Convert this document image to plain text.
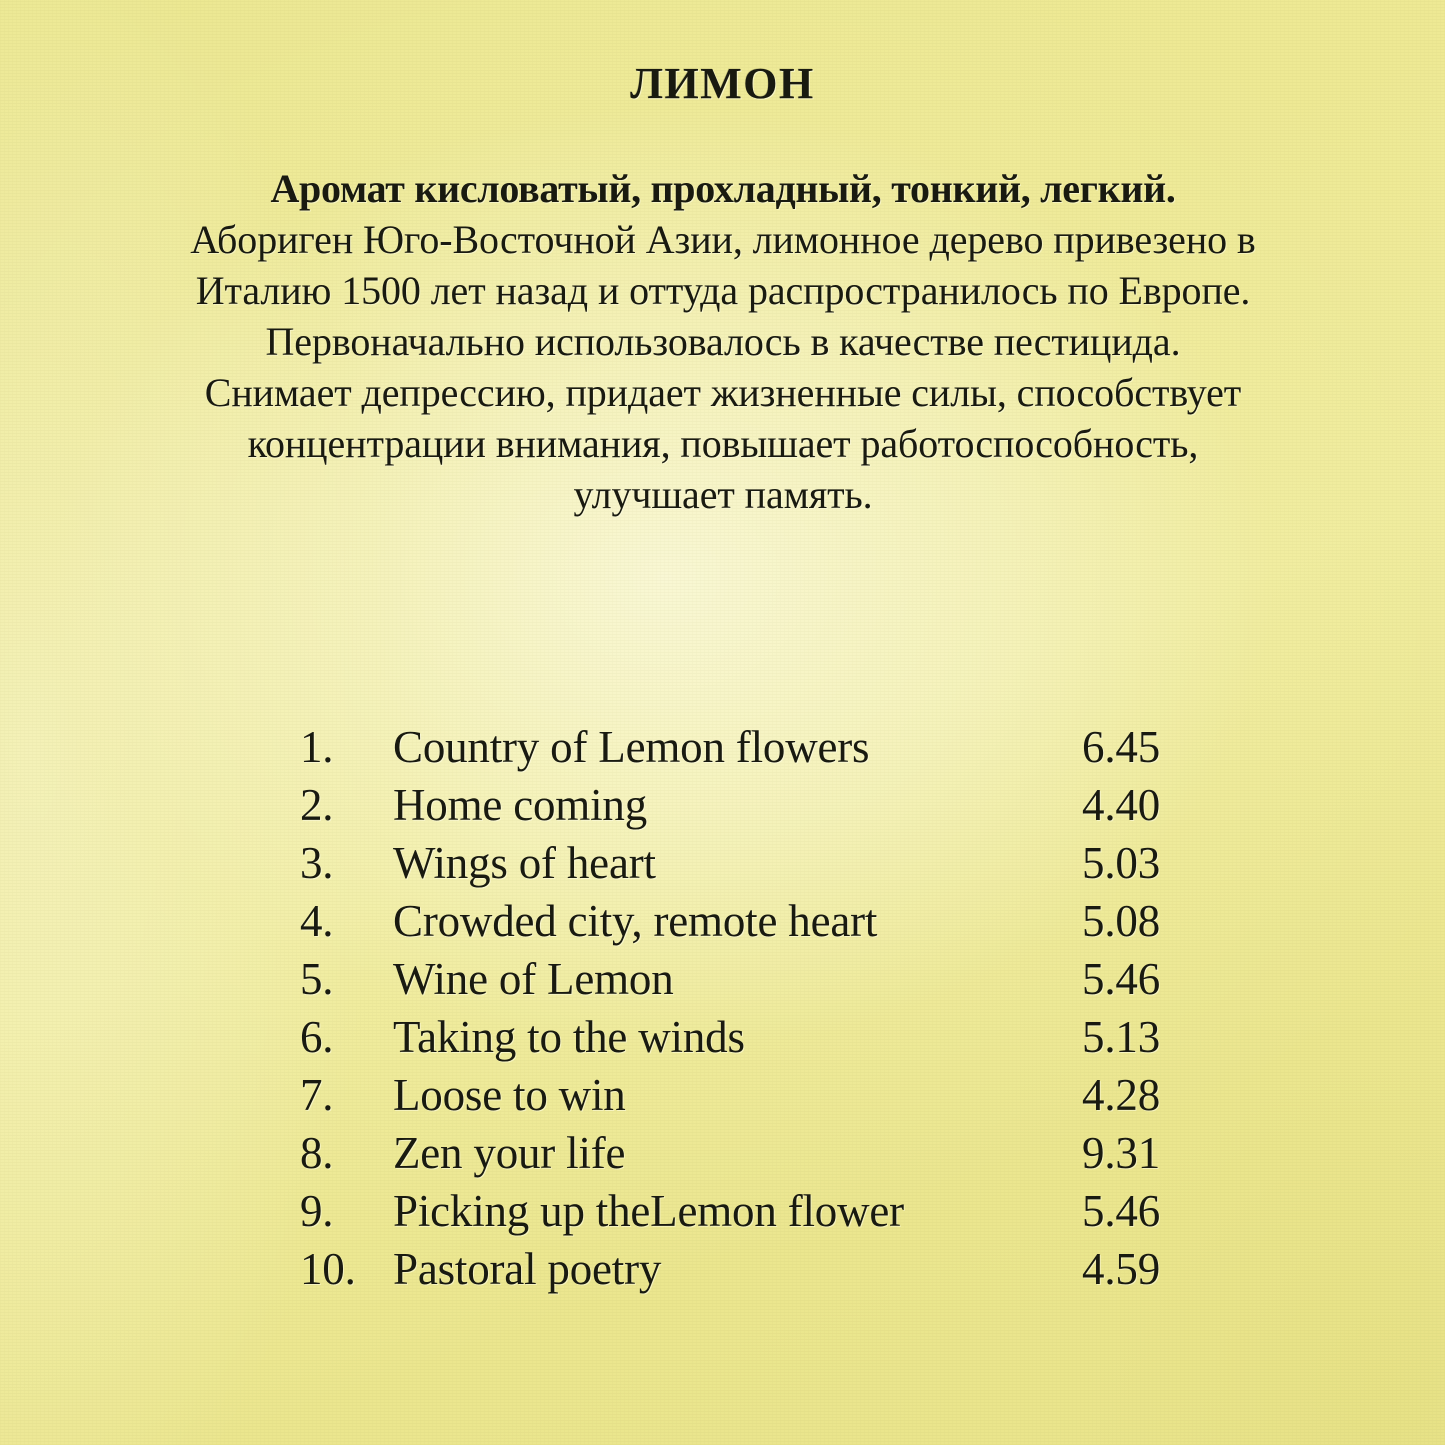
ЛИМОН
Аромат кисловатый, прохладный, тонкий, легкий.
Абориген Юго-Восточной Азии, лимонное дерево привезено в
Италию 1500 лет назад и оттуда распространилось по Европе.
Первоначально использовалось в качестве пестицида.
Снимает депрессию, придает жизненные силы, способствует
концентрации внимания, повышает работоспособность,
улучшает память.
1.	Country of Lemon flowers	6.45
2.	Home coming	4.40
3.	Wings of heart	5.03
4.	Crowded city, remote heart	5.08
5.	Wine of Lemon	5.46
6.	Taking to the winds	5.13
7.	Loose to win	4.28
8.	Zen your life	9.31
9.	Picking up theLemon flower	5.46
10. Pastoral poetry	4.59
